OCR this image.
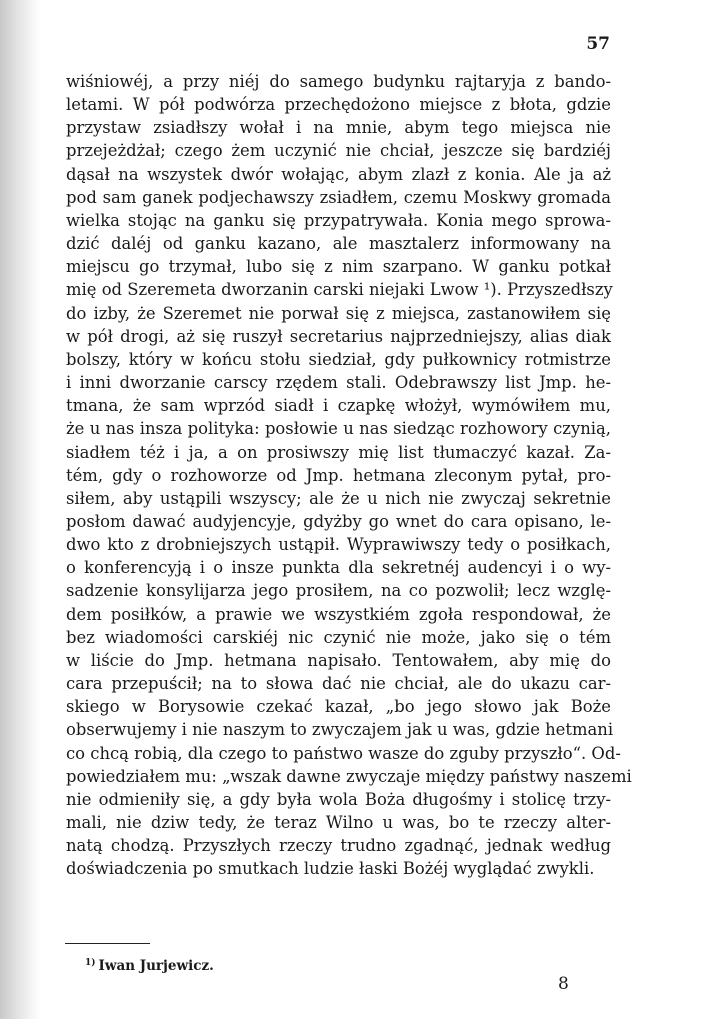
57
wiśniowéj, a przy niéj do samego budynku rajtaryja z bando-
letami. W pół podwórza przechędożono miejsce z błota, gdzie
przystaw zsiadłszy wołał i na mnie, abym tego miejsca nie
przejeżdżał; czego żem uczynić nie chciał, jeszcze się bardziéj
dąsał na wszystek dwór wołając, abym zlazł z konia. Ale ja aż
pod sam ganek podjechawszy zsiadłem, czemu Moskwy gromada
wielka stojąc na ganku się przypatrywała. Konia mego sprowa-
dzić daléj od ganku kazano, ale masztalerz informowany na
miejscu go trzymał, lubo się z nim szarpano. W ganku potkał
mię od Szeremeta dworzanin carski niejaki Lwow ¹). Przyszedłszy
do izby, że Szeremet nie porwał się z miejsca, zastanowiłem się
w pół drogi, aż się ruszył secretarius najprzedniejszy, alias diak
bolszy, który w końcu stołu siedział, gdy pułkownicy rotmistrze
i inni dworzanie carscy rzędem stali. Odebrawszy list Jmp. he-
tmana, że sam wprzód siadł i czapkę włożył, wymówiłem mu,
że u nas insza polityka: posłowie u nas siedząc rozhowory czynią,
siadłem téż i ja, a on prosiwszy mię list tłumaczyć kazał. Za-
tém, gdy o rozhoworze od Jmp. hetmana zleconym pytał, pro-
siłem, aby ustąpili wszyscy; ale że u nich nie zwyczaj sekretnie
posłom dawać audyjencyje, gdyżby go wnet do cara opisano, le-
dwo kto z drobniejszych ustąpił. Wyprawiwszy tedy o posiłkach,
o konferencyją i o insze punkta dla sekretnéj audencyi i o wy-
sadzenie konsylijarza jego prosiłem, na co pozwolił; lecz wzglę-
dem posiłków, a prawie we wszystkiém zgoła respondował, że
bez wiadomości carskiéj nic czynić nie może, jako się o tém
w liście do Jmp. hetmana napisało. Tentowałem, aby mię do
cara przepuścił; na to słowa dać nie chciał, ale do ukazu car-
skiego w Borysowie czekać kazał, „bo jego słowo jak Boże
obserwujemy i nie naszym to zwyczajem jak u was, gdzie hetmani
co chcą robią, dla czego to państwo wasze do zguby przyszło“. Od-
powiedziałem mu: „wszak dawne zwyczaje między państwy naszemi
nie odmieniły się, a gdy była wola Boża długośmy i stolicę trzy-
mali, nie dziw tedy, że teraz Wilno u was, bo te rzeczy alter-
natą chodzą. Przyszłych rzeczy trudno zgadnąć, jednak według
doświadczenia po smutkach ludzie łaski Bożéj wyglądać zwykli.
$^{1)}$ Iwan Jurjewicz.
8
